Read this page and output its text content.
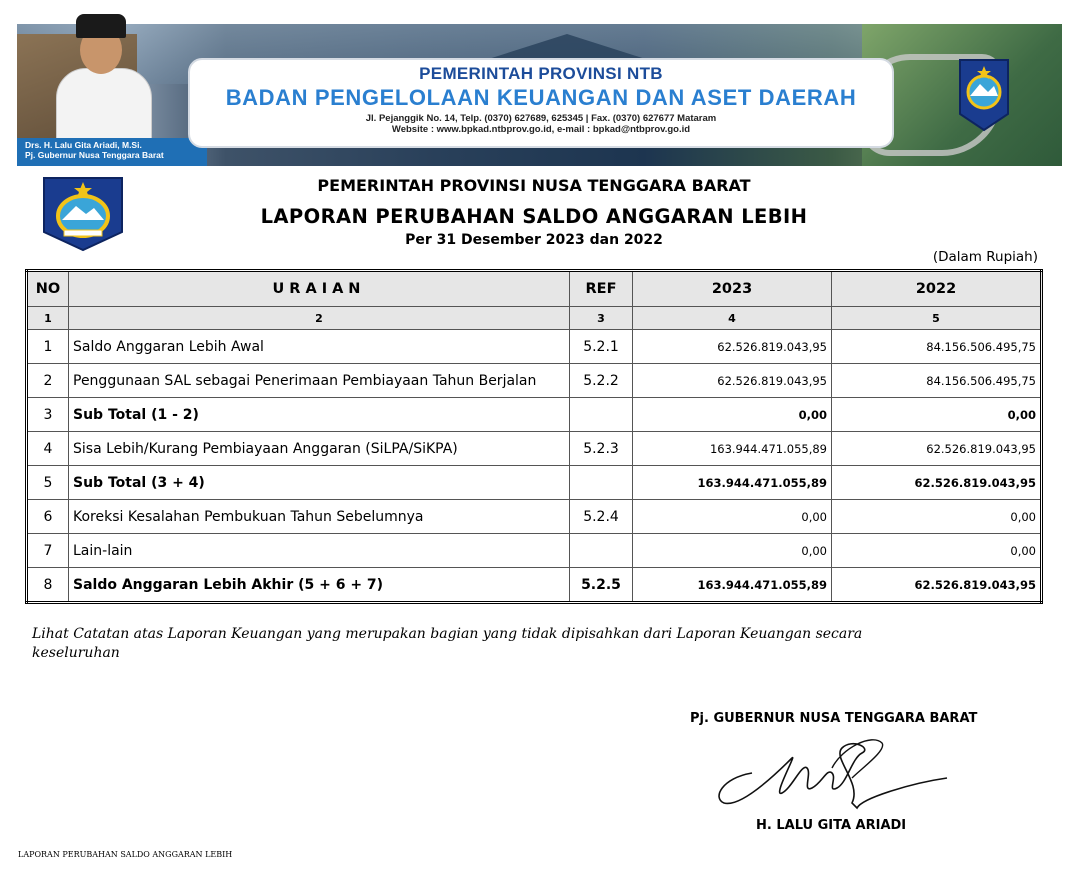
Drs. H. Lalu Gita Ariadi, M.Si.
Pj. Gubernur Nusa Tenggara Barat
PEMERINTAH PROVINSI NTB
BADAN PENGELOLAAN KEUANGAN DAN ASET DAERAH
Jl. Pejanggik No. 14, Telp. (0370) 627689, 625345 | Fax. (0370) 627677 Mataram
Website : www.bpkad.ntbprov.go.id, e-mail : bpkad@ntbprov.go.id
PEMERINTAH PROVINSI NUSA TENGGARA BARAT
LAPORAN PERUBAHAN SALDO ANGGARAN LEBIH
Per 31 Desember 2023 dan 2022
(Dalam Rupiah)
NO	URAIAN	REF	2023	2022
1	2	3	4	5
1	Saldo Anggaran Lebih Awal	5.2.1	62.526.819.043,95	84.156.506.495,75
2	Penggunaan SAL sebagai Penerimaan Pembiayaan Tahun Berjalan	5.2.2	62.526.819.043,95	84.156.506.495,75
3	Sub Total (1 - 2)		0,00	0,00
4	Sisa Lebih/Kurang Pembiayaan Anggaran (SiLPA/SiKPA)	5.2.3	163.944.471.055,89	62.526.819.043,95
5	Sub Total (3 + 4)		163.944.471.055,89	62.526.819.043,95
6	Koreksi Kesalahan Pembukuan Tahun Sebelumnya	5.2.4	0,00	0,00
7	Lain-lain		0,00	0,00
8	Saldo Anggaran Lebih Akhir (5 + 6 + 7)	5.2.5	163.944.471.055,89	62.526.819.043,95
Lihat Catatan atas Laporan Keuangan yang merupakan bagian yang tidak dipisahkan dari Laporan Keuangan secara keseluruhan
Pj. GUBERNUR NUSA TENGGARA BARAT
H. LALU GITA ARIADI
LAPORAN PERUBAHAN SALDO ANGGARAN LEBIH
